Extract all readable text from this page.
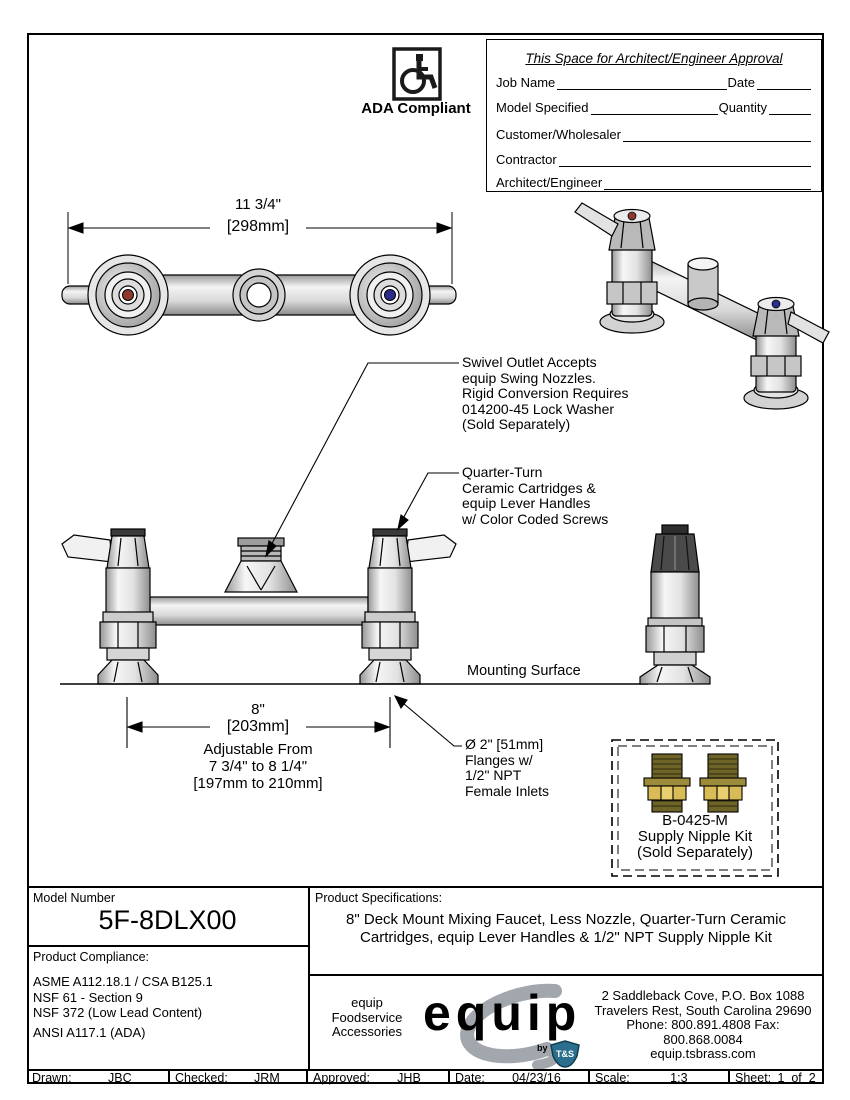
ADA Compliant
This Space for Architect/Engineer Approval
Job Name	Date
Model Specified	Quantity
Customer/Wholesaler
Contractor
Architect/Engineer
11 3/4"
[298mm]
Swivel Outlet Accepts
equip Swing Nozzles.
Rigid Conversion Requires
014200-45 Lock Washer
(Sold Separately)
Quarter-Turn
Ceramic Cartridges &
equip Lever Handles
w/ Color Coded Screws
Mounting Surface
8"
[203mm]
Adjustable From
7 3/4" to 8 1/4"
[197mm to 210mm]
Ø 2" [51mm]
Flanges w/
1/2" NPT
Female Inlets
B-0425-M
Supply Nipple Kit
(Sold Separately)
Model Number
5F-8DLX00
Product Compliance:
ASME A112.18.1 / CSA B125.1
NSF 61 - Section 9
NSF 372 (Low Lead Content)
ANSI A117.1 (ADA)
Product Specifications:
8" Deck Mount Mixing Faucet, Less Nozzle, Quarter-Turn Ceramic
Cartridges, equip Lever Handles & 1/2" NPT Supply Nipple Kit
equip
Foodservice
Accessories equip
by
T&S
2 Saddleback Cove, P.O. Box 1088
Travelers Rest, South Carolina 29690
Phone: 800.891.4808 Fax: 800.868.0084
equip.tsbrass.com
Drawn:	JBC	Checked:	JRM	Approved:	JHB	Date:	04/23/16	Scale:	1:3	Sheet: 1  of  2
